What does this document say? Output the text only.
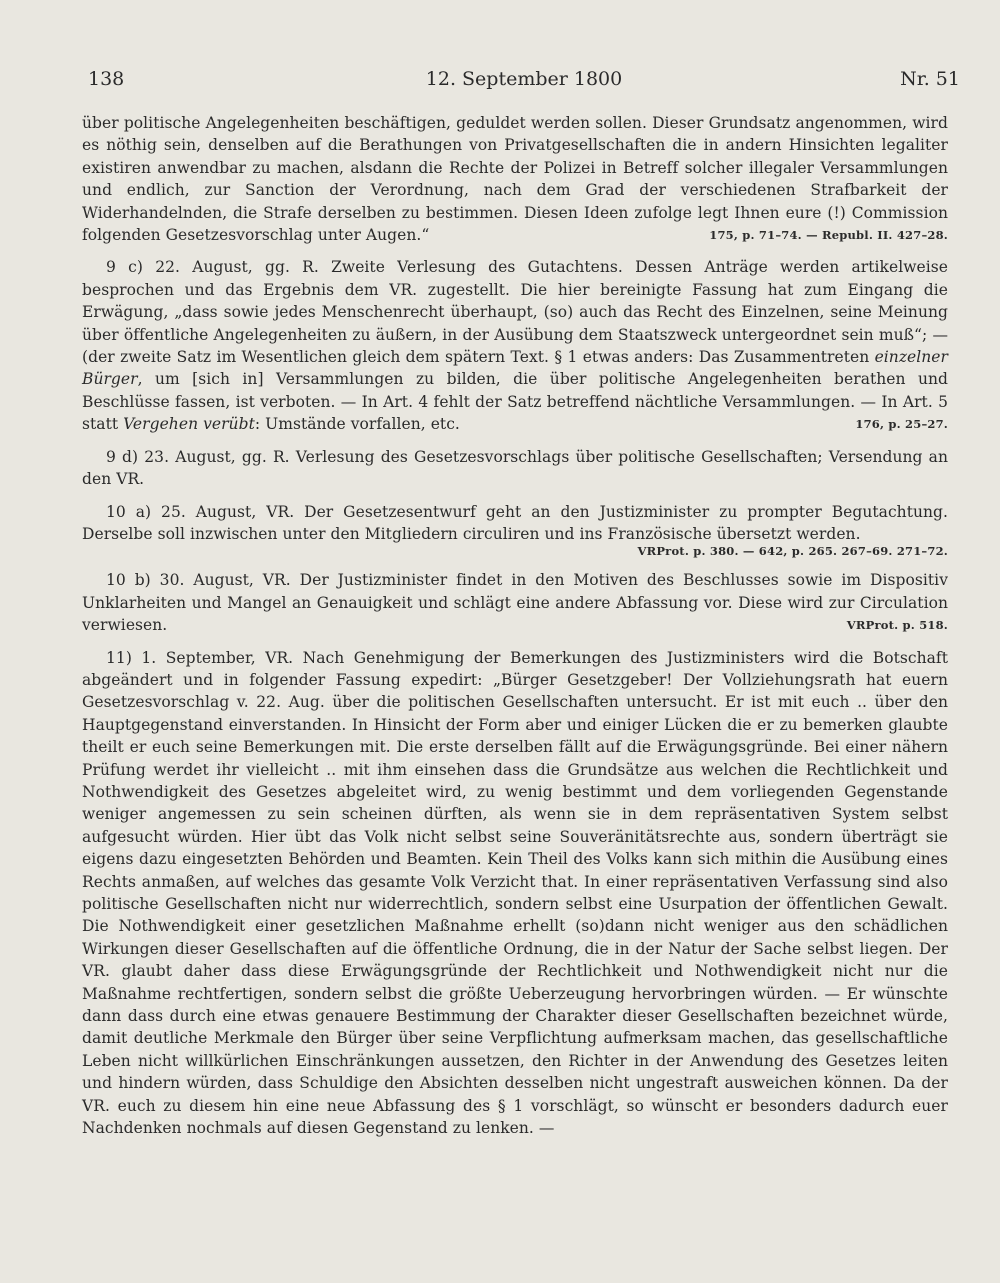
138	12. September 1800	Nr. 51
über politische Angelegenheiten beschäftigen, geduldet werden sollen. Dieser Grundsatz angenommen, wird es nöthig sein, denselben auf die Berathungen von Privatgesellschaften die in andern Hinsichten legaliter existiren anwendbar zu machen, alsdann die Rechte der Polizei in Betreff solcher illegaler Versammlungen und endlich, zur Sanction der Verordnung, nach dem Grad der verschiedenen Strafbarkeit der Widerhandelnden, die Strafe derselben zu bestimmen. Diesen Ideen zufolge legt Ihnen eure (!) Commission folgenden Gesetzesvorschlag unter Augen.“	175, p. 71–74. — Republ. II. 427–28.
9 c) 22. August, gg. R. Zweite Verlesung des Gutachtens. Dessen Anträge werden artikelweise besprochen und das Ergebnis dem VR. zugestellt. Die hier bereinigte Fassung hat zum Eingang die Erwägung, „dass sowie jedes Menschenrecht überhaupt, (so) auch das Recht des Einzelnen, seine Meinung über öffentliche Angelegenheiten zu äußern, in der Ausübung dem Staatszweck untergeordnet sein muß“; — (der zweite Satz im Wesentlichen gleich dem spätern Text. § 1 etwas anders: Das Zusammentreten einzelner Bürger, um [sich in] Versammlungen zu bilden, die über politische Angelegenheiten berathen und Beschlüsse fassen, ist verboten. — In Art. 4 fehlt der Satz betreffend nächtliche Versammlungen. — In Art. 5 statt Vergehen verübt: Umstände vorfallen, etc.	176, p. 25–27.
9 d) 23. August, gg. R. Verlesung des Gesetzesvorschlags über politische Gesellschaften; Versendung an den VR.
10 a) 25. August, VR. Der Gesetzesentwurf geht an den Justizminister zu prompter Begutachtung. Derselbe soll inzwischen unter den Mitgliedern circuliren und ins Französische übersetzt werden.
VRProt. p. 380. — 642, p. 265. 267–69. 271–72.
10 b) 30. August, VR. Der Justizminister findet in den Motiven des Beschlusses sowie im Dispositiv Unklarheiten und Mangel an Genauigkeit und schlägt eine andere Abfassung vor. Diese wird zur Circulation verwiesen.	VRProt. p. 518.
11) 1. September, VR. Nach Genehmigung der Bemerkungen des Justizministers wird die Botschaft abgeändert und in folgender Fassung expedirt: „Bürger Gesetzgeber! Der Vollziehungsrath hat euern Gesetzesvorschlag v. 22. Aug. über die politischen Gesellschaften untersucht. Er ist mit euch .. über den Hauptgegenstand einverstanden. In Hinsicht der Form aber und einiger Lücken die er zu bemerken glaubte theilt er euch seine Bemerkungen mit. Die erste derselben fällt auf die Erwägungsgründe. Bei einer nähern Prüfung werdet ihr vielleicht .. mit ihm einsehen dass die Grundsätze aus welchen die Rechtlichkeit und Nothwendigkeit des Gesetzes abgeleitet wird, zu wenig bestimmt und dem vorliegenden Gegenstande weniger angemessen zu sein scheinen dürften, als wenn sie in dem repräsentativen System selbst aufgesucht würden. Hier übt das Volk nicht selbst seine Souveränitätsrechte aus, sondern überträgt sie eigens dazu eingesetzten Behörden und Beamten. Kein Theil des Volks kann sich mithin die Ausübung eines Rechts anmaßen, auf welches das gesamte Volk Verzicht that. In einer repräsentativen Verfassung sind also politische Gesellschaften nicht nur widerrechtlich, sondern selbst eine Usurpation der öffentlichen Gewalt. Die Nothwendigkeit einer gesetzlichen Maßnahme erhellt (so)dann nicht weniger aus den schädlichen Wirkungen dieser Gesellschaften auf die öffentliche Ordnung, die in der Natur der Sache selbst liegen. Der VR. glaubt daher dass diese Erwägungsgründe der Rechtlichkeit und Nothwendigkeit nicht nur die Maßnahme rechtfertigen, sondern selbst die größte Ueberzeugung hervorbringen würden. — Er wünschte dann dass durch eine etwas genauere Bestimmung der Charakter dieser Gesellschaften bezeichnet würde, damit deutliche Merkmale den Bürger über seine Verpflichtung aufmerksam machen, das gesellschaftliche Leben nicht willkürlichen Einschränkungen aussetzen, den Richter in der Anwendung des Gesetzes leiten und hindern würden, dass Schuldige den Absichten desselben nicht ungestraft ausweichen können. Da der VR. euch zu diesem hin eine neue Abfassung des § 1 vorschlägt, so wünscht er besonders dadurch euer Nachdenken nochmals auf diesen Gegenstand zu lenken. —
